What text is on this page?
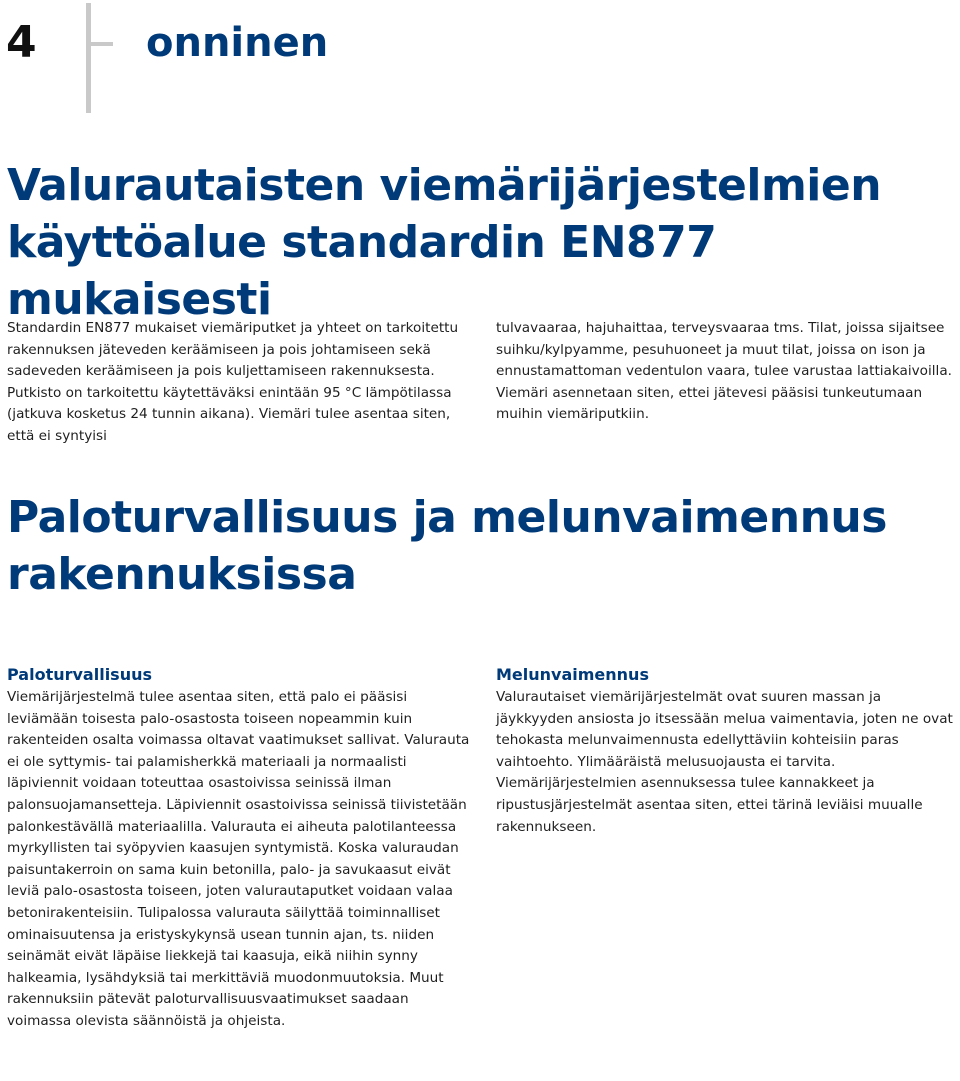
4	onninen
Valurautaisten viemärijärjestelmien
käyttöalue standardin EN877 mukaisesti

Standardin EN877 mukaiset viemäriputket ja yhteet on tarkoitettu rakennuksen jäteveden keräämiseen ja pois johtamiseen sekä sadeveden keräämiseen ja pois kuljettamiseen rakennuksesta. Putkisto on tarkoitettu käytettäväksi enintään 95 °C lämpötilassa (jatkuva kosketus 24 tunnin aikana). Viemäri tulee asentaa siten, että ei syntyisi

tulvavaaraa, hajuhaittaa, terveysvaaraa tms. Tilat, joissa sijaitsee suihku/kylpyamme, pesuhuoneet ja muut tilat, joissa on ison ja ennustamattoman vedentulon vaara, tulee varustaa lattiakaivoilla. Viemäri asennetaan siten, ettei jätevesi pääsisi tunkeutumaan muihin viemäriputkiin.

Paloturvallisuus ja melunvaimennus
rakennuksissa
Paloturvallisuus

Viemärijärjestelmä tulee asentaa siten, että palo ei pääsisi leviämään toisesta palo-osastosta toiseen nopeammin kuin rakenteiden osalta voimassa oltavat vaatimukset sallivat. Valurauta ei ole syttymis- tai palamisherkkä materiaali ja normaalisti läpiviennit voidaan toteuttaa osastoivissa seinissä ilman palonsuojamansetteja. Läpiviennit osastoivissa seinissä tiivistetään palonkestävällä materiaalilla. Valurauta ei aiheuta palotilanteessa myrkyllisten tai syöpyvien kaasujen syntymistä. Koska valuraudan paisuntakerroin on sama kuin betonilla, palo- ja savukaasut eivät leviä palo-osastosta toiseen, joten valurautaputket voidaan valaa betonirakenteisiin. Tulipalossa valurauta säilyttää toiminnalliset ominaisuutensa ja eristyskykynsä usean tunnin ajan, ts. niiden seinämät eivät läpäise liekkejä tai kaasuja, eikä niihin synny halkeamia, lysähdyksiä tai merkittäviä muodonmuutoksia. Muut rakennuksiin pätevät paloturvallisuusvaatimukset saadaan voimassa olevista säännöistä ja ohjeista.

Melunvaimennus

Valurautaiset viemärijärjestelmät ovat suuren massan ja jäykkyyden ansiosta jo itsessään melua vaimentavia, joten ne ovat tehokasta melunvaimennusta edellyttäviin kohteisiin paras vaihtoehto. Ylimääräistä melusuojausta ei tarvita. Viemärijärjestelmien asennuksessa tulee kannakkeet ja ripustusjärjestelmät asentaa siten, ettei tärinä leviäisi muualle rakennukseen.
